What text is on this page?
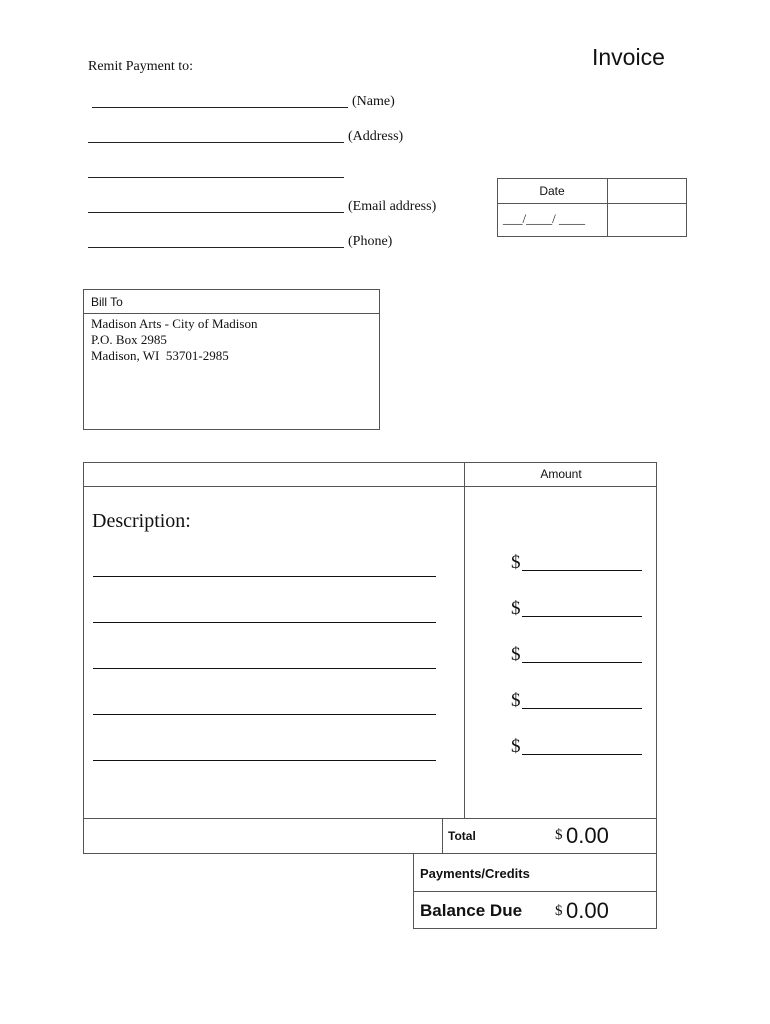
Remit Payment to:	Invoice
(Name)
(Address)
(Email address)
(Phone)
Date
___/____/ ____
Bill To
Madison Arts - City of Madison
P.O. Box 2985
Madison, WI  53701-2985
Amount
Description:
$
$
$
$
$
Total	$ 0.00
Payments/Credits
Balance Due $ 0.00
